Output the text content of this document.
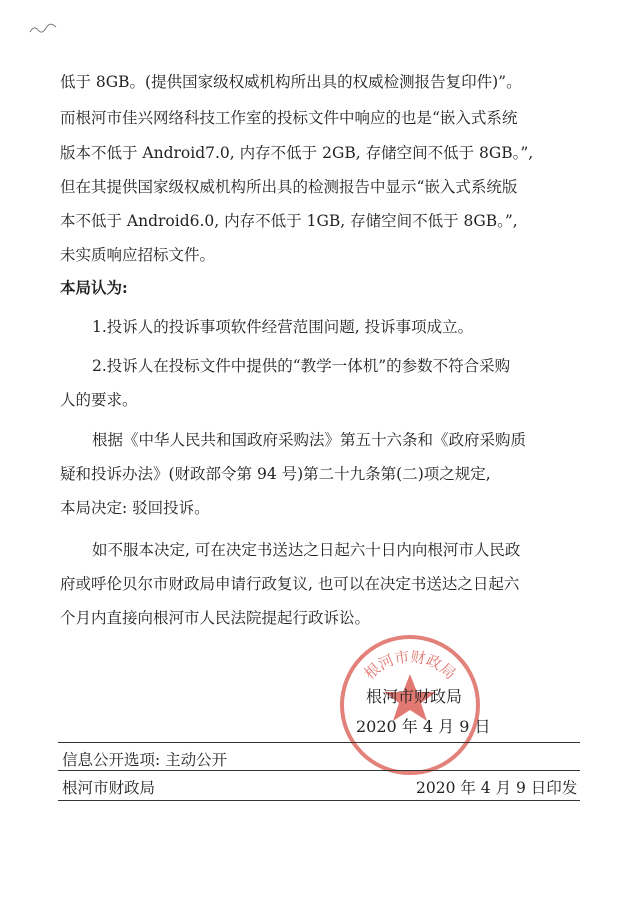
低于 8GB。(提供国家级权威机构所出具的权威检测报告复印件)”。

而根河市佳兴网络科技工作室的投标文件中响应的也是“嵌入式系统

版本不低于 Android7.0, 内存不低于 2GB, 存储空间不低于 8GB。”,

但在其提供国家级权威机构所出具的检测报告中显示“嵌入式系统版

本不低于 Android6.0, 内存不低于 1GB, 存储空间不低于 8GB。”,

未实质响应招标文件。

本局认为:

1.投诉人的投诉事项软件经营范围问题, 投诉事项成立。

2.投诉人在投标文件中提供的“教学一体机”的参数不符合采购

人的要求。

根据《中华人民共和国政府采购法》第五十六条和《政府采购质

疑和投诉办法》(财政部令第 94 号)第二十九条第(二)项之规定,

本局决定: 驳回投诉。

如不服本决定, 可在决定书送达之日起六十日内向根河市人民政

府或呼伦贝尔市财政局申请行政复议, 也可以在决定书送达之日起六

个月内直接向根河市人民法院提起行政诉讼。

根河市财政局
根河市财政局
2020 年 4 月 9 日
信息公开选项: 主动公开
根河市财政局	2020 年 4 月 9 日印发
